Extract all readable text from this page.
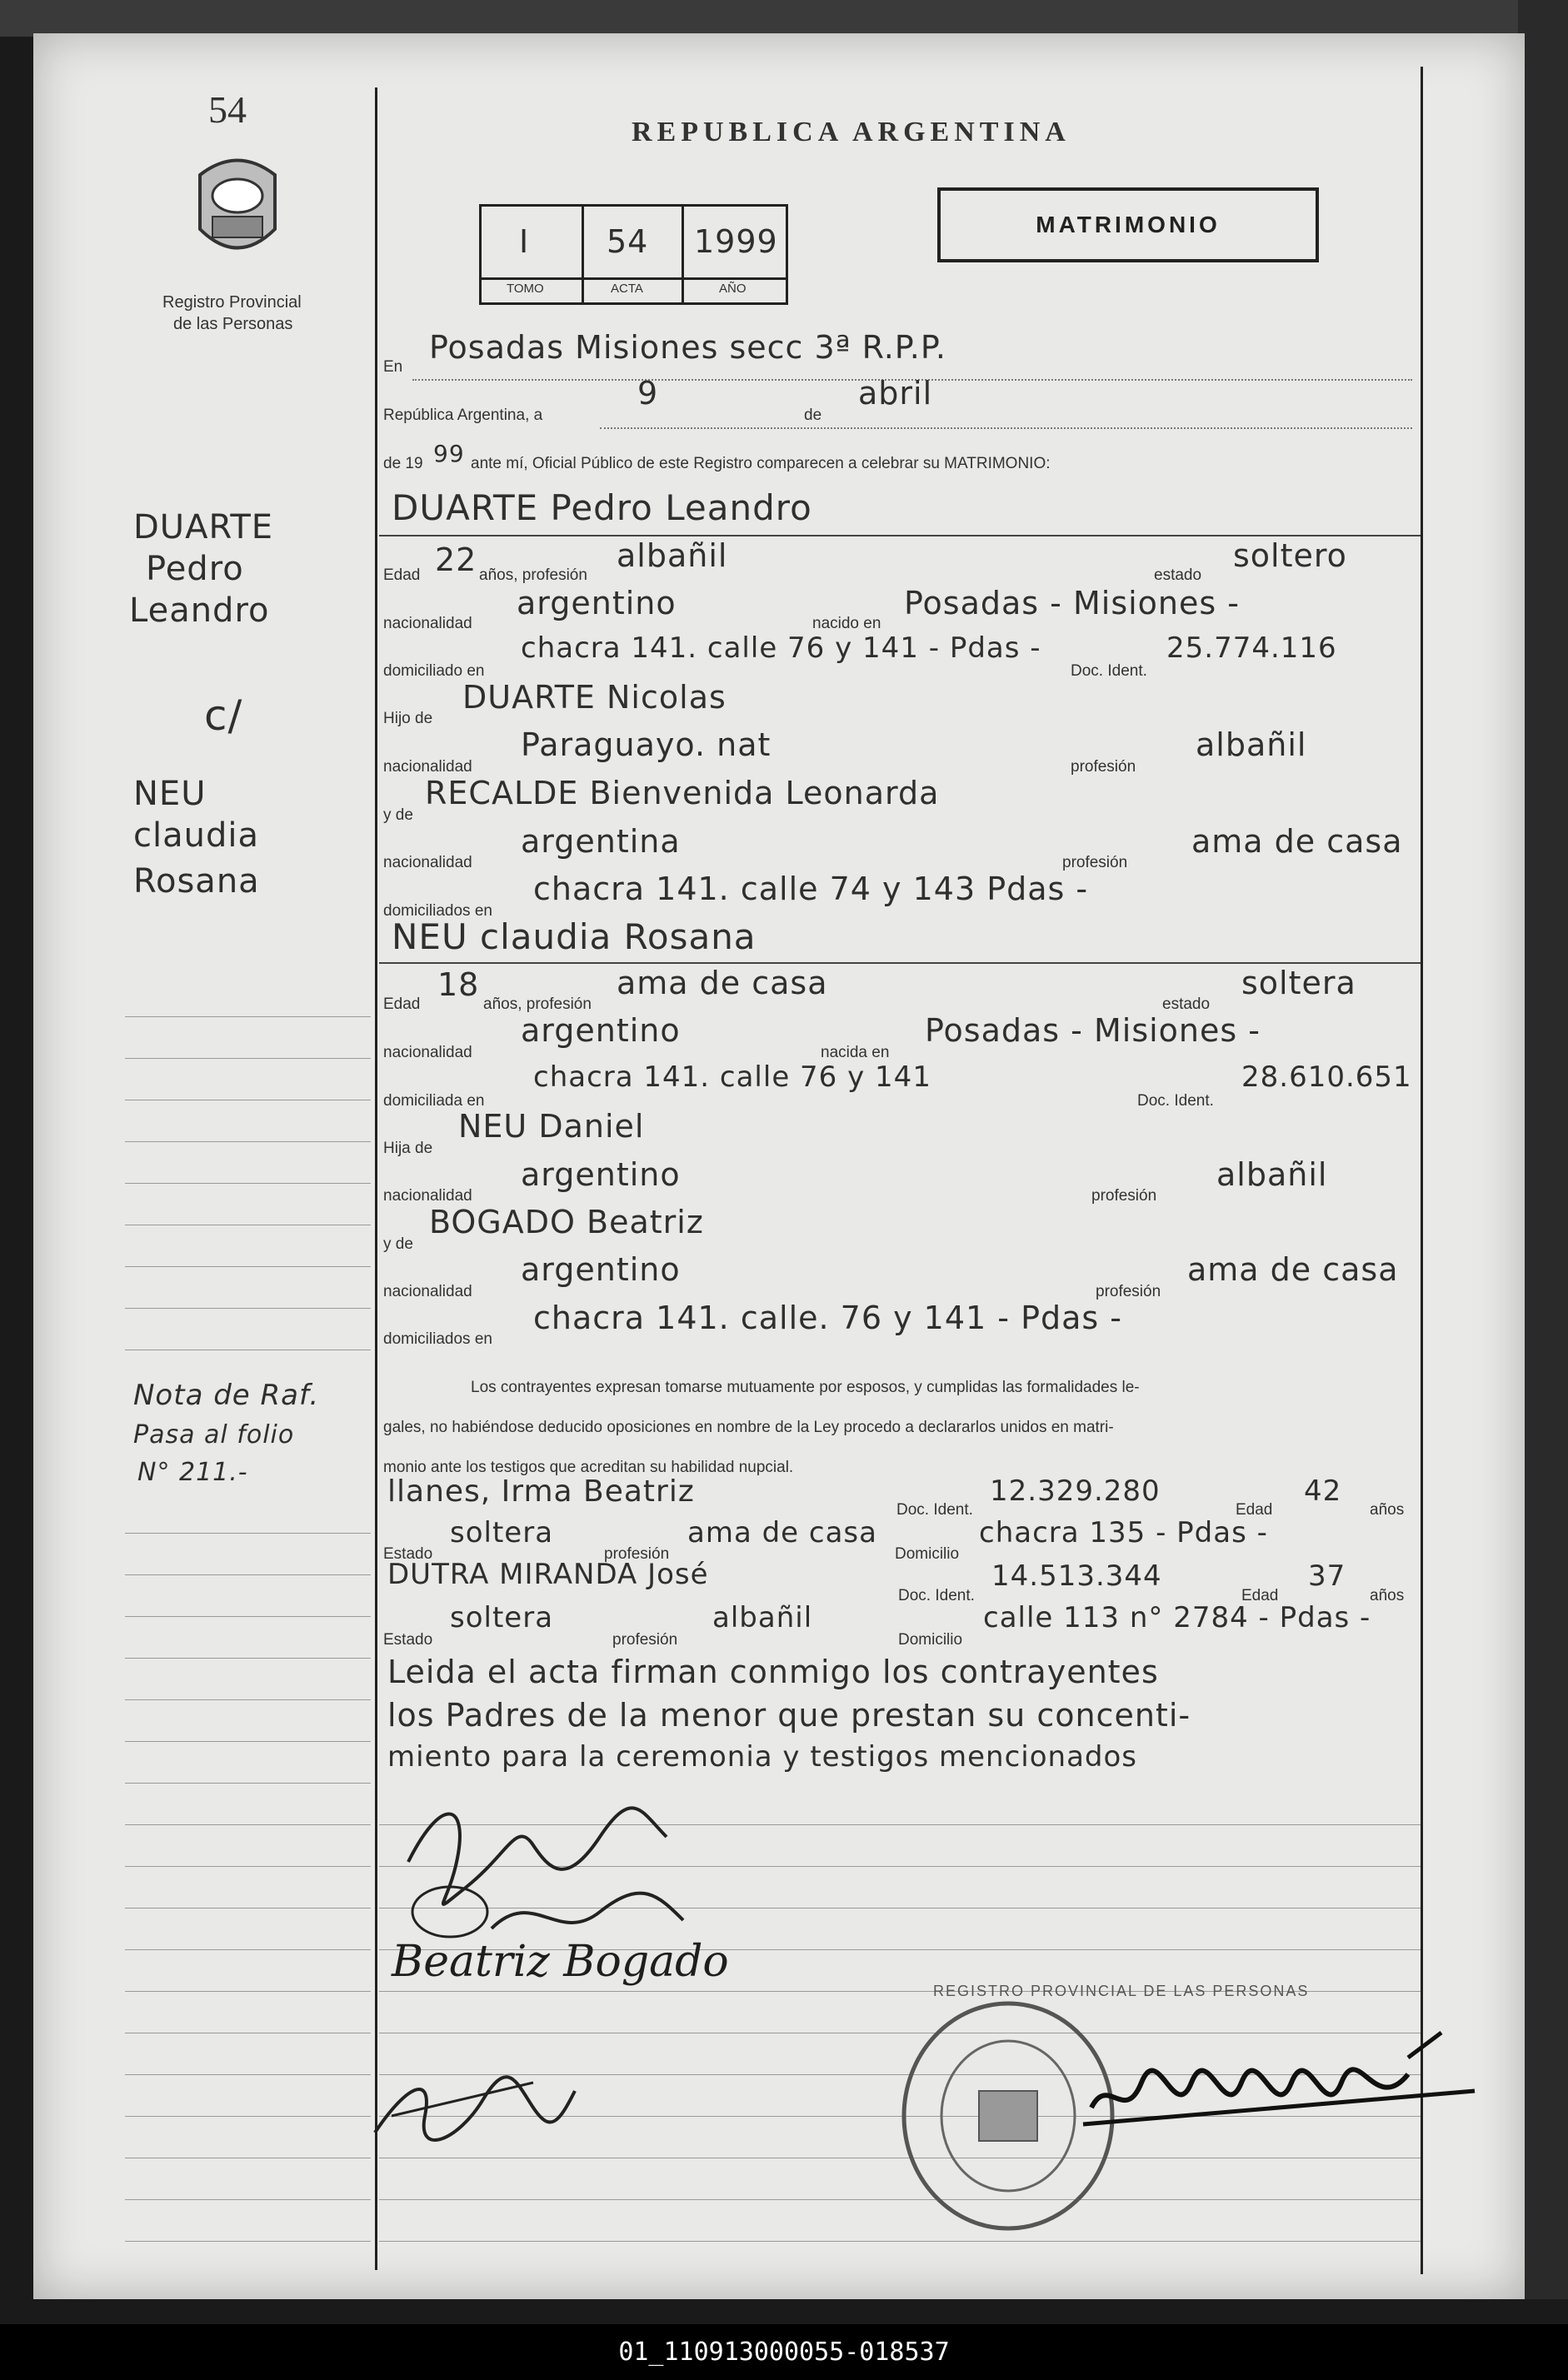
54
Registro Provincial
de las Personas
REPUBLICA ARGENTINA
MATRIMONIO
I 54 1999
TOMO	ACTA	AÑO
DUARTE
Pedro
Leandro
c/
NEU
claudia
Rosana
Nota de Raf.
Pasa al folio
N° 211.-
En
Posadas Misiones secc 3ª R.P.P.
República Argentina, a
9
de
abril
de 19 99 ante mí, Oficial Público de este Registro comparecen a celebrar su MATRIMONIO:
DUARTE Pedro Leandro
Edad 22 años, profesión
albañil
estado
soltero
nacionalidad
argentino
nacido en
Posadas - Misiones -
domiciliado en
chacra 141. calle 76 y 141 - Pdas -
Doc. Ident.
25.774.116
Hijo de
DUARTE Nicolas
nacionalidad
Paraguayo. nat
profesión
albañil
y de
RECALDE Bienvenida Leonarda
nacionalidad
argentina
profesión
ama de casa
domiciliados en
chacra 141. calle 74 y 143 Pdas -
NEU claudia Rosana
Edad
18
años, profesión
ama de casa
estado
soltera
nacionalidad
argentino
nacida en
Posadas - Misiones -
domiciliada en
chacra 141. calle 76 y 141
Doc. Ident.
28.610.651
Hija de
NEU Daniel
nacionalidad
argentino
profesión
albañil
y de
BOGADO Beatriz
nacionalidad
argentino
profesión
ama de casa
domiciliados en
chacra 141. calle. 76 y 141 - Pdas -
Los contrayentes expresan tomarse mutuamente por esposos, y cumplidas las formalidades le-
gales, no habiéndose deducido oposiciones en nombre de la Ley procedo a declararlos unidos en matri-
monio ante los testigos que acreditan su habilidad nupcial.
llanes, Irma Beatriz
Doc. Ident.
12.329.280
Edad
42
años
Estado
soltera
profesión
ama de casa
Domicilio
chacra 135 - Pdas -
DUTRA MIRANDA José
Doc. Ident.
14.513.344
Edad
37
años
Estado
soltera
profesión
albañil
Domicilio
calle 113 n° 2784 - Pdas -
Leida el acta firman conmigo los contrayentes
los Padres de la menor que prestan su concenti-
miento para la ceremonia y testigos mencionados
Beatriz Bogado
REGISTRO PROVINCIAL DE LAS PERSONAS
01_110913000055-018537
